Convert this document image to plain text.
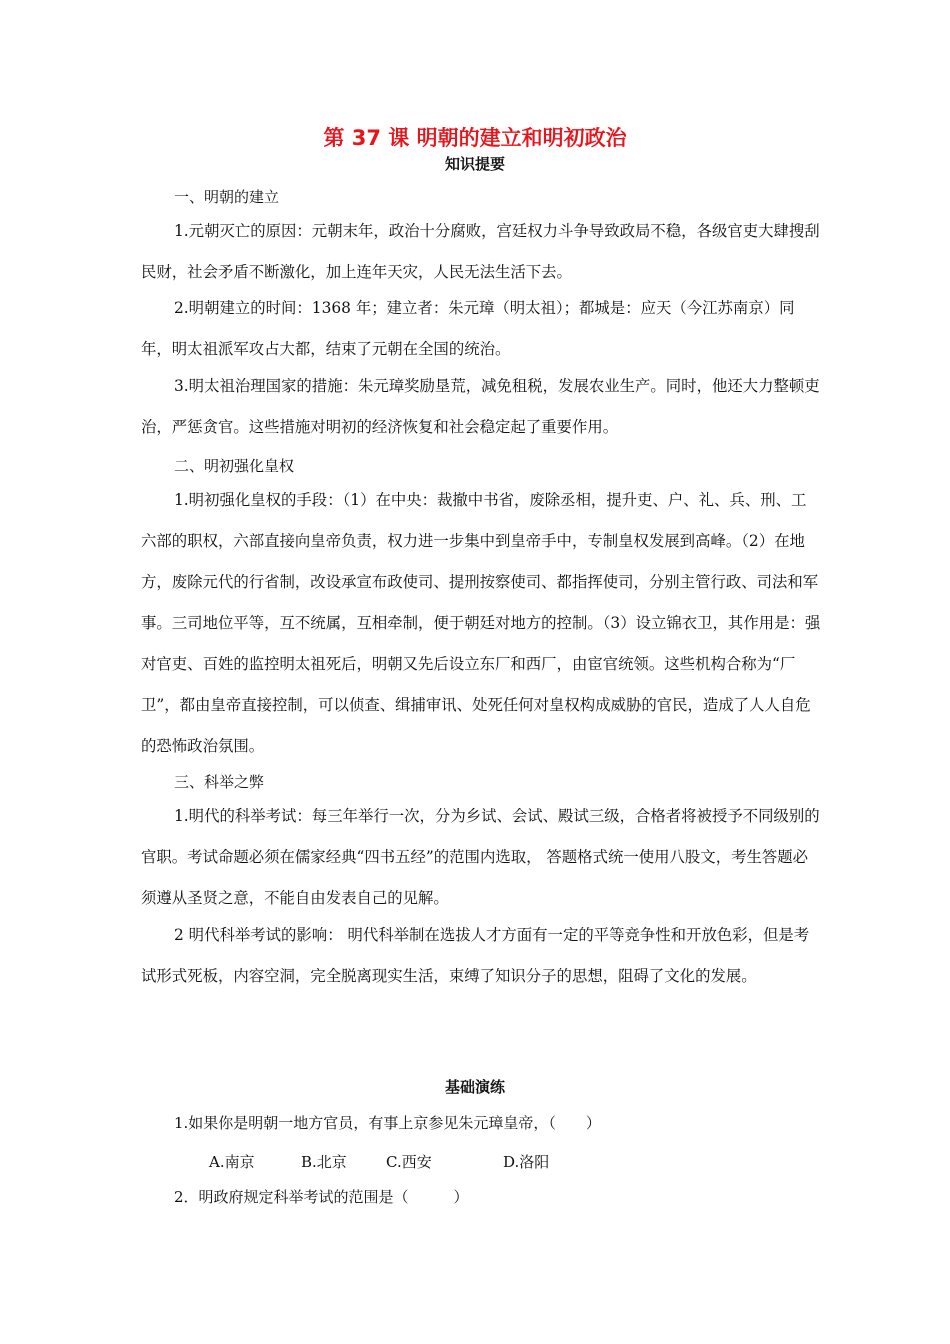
第 37 课 明朝的建立和明初政治
知识提要
一、明朝的建立
1.元朝灭亡的原因：元朝末年，政治十分腐败，宫廷权力斗争导致政局不稳，各级官吏大肆搜刮民财，社会矛盾不断激化，加上连年天灾，人民无法生活下去。
2.明朝建立的时间：1368 年；建立者：朱元璋（明太祖）；都城是：应天（今江苏南京）同年，明太祖派军攻占大都，结束了元朝在全国的统治。
3.明太祖治理国家的措施：朱元璋奖励垦荒，减免租税，发展农业生产。同时，他还大力整顿吏治，严惩贪官。这些措施对明初的经济恢复和社会稳定起了重要作用。
二、明初强化皇权
1.明初强化皇权的手段：（1）在中央：裁撤中书省，废除丞相，提升吏、户、礼、兵、刑、工六部的职权，六部直接向皇帝负责，权力进一步集中到皇帝手中，专制皇权发展到高峰。（2）在地方，废除元代的行省制，改设承宣布政使司、提刑按察使司、都指挥使司，分别主管行政、司法和军事。三司地位平等，互不统属，互相牵制，便于朝廷对地方的控制。（3）设立锦衣卫，其作用是：强对官吏、百姓的监控明太祖死后，明朝又先后设立东厂和西厂，由宦官统领。这些机构合称为“厂卫”，都由皇帝直接控制，可以侦查、缉捕审讯、处死任何对皇权构成威胁的官民，造成了人人自危的恐怖政治氛围。
三、科举之弊
1.明代的科举考试：每三年举行一次，分为乡试、会试、殿试三级，合格者将被授予不同级别的官职。考试命题必须在儒家经典“四书五经”的范围内选取， 答题格式统一使用八股文，考生答题必须遵从圣贤之意，不能自由发表自己的见解。
2 明代科举考试的影响： 明代科举制在选拔人才方面有一定的平等竞争性和开放色彩，但是考试形式死板，内容空洞，完全脱离现实生活，束缚了知识分子的思想，阻碍了文化的发展。
基础演练
1.如果你是明朝一地方官员，有事上京参见朱元璋皇帝，（　　）
A.南京	B.北京	C.西安	D.洛阳
2．明政府规定科举考试的范围是（　　　）
